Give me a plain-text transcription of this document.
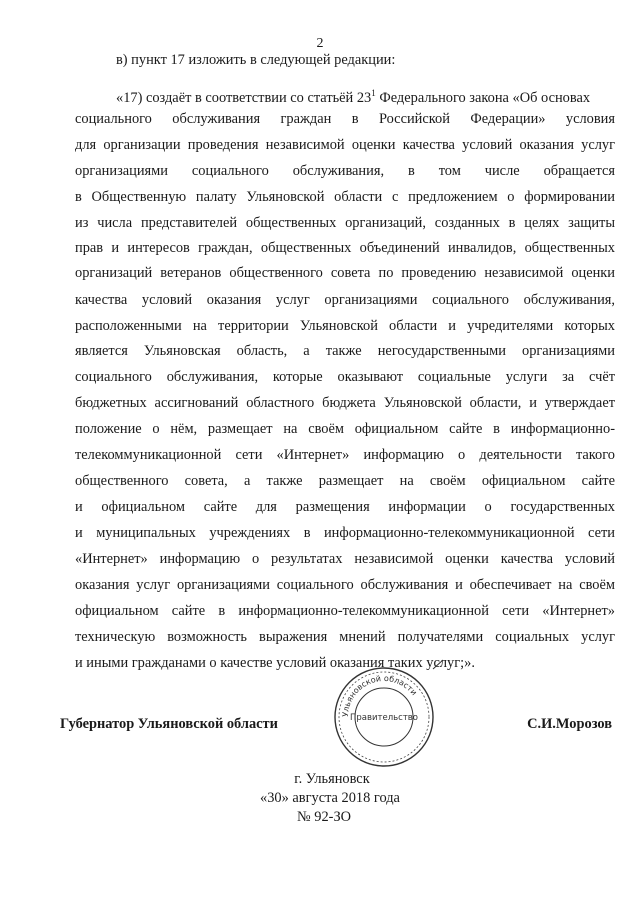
2
в) пункт 17 изложить в следующей редакции:
«17) создаёт в соответствии со статьёй $23^1$ Федерального закона «Об основах
социального обслуживания граждан в Российской Федерации» условия
для организации проведения независимой оценки качества условий оказания услуг
организациями социального обслуживания, в том числе обращается
в Общественную палату Ульяновской области с предложением о формировании
из числа представителей общественных организаций, созданных в целях защиты
прав и интересов граждан, общественных объединений инвалидов, общественных
организаций ветеранов общественного совета по проведению независимой оценки
качества условий оказания услуг организациями социального обслуживания,
расположенными на территории Ульяновской области и учредителями которых
является Ульяновская область, а также негосударственными организациями
социального обслуживания, которые оказывают социальные услуги за счёт
бюджетных ассигнований областного бюджета Ульяновской области, и утверждает
положение о нём, размещает на своём официальном сайте в информационно-
телекоммуникационной сети «Интернет» информацию о деятельности такого
общественного совета, а также размещает на своём официальном сайте
и официальном сайте для размещения информации о государственных
и муниципальных учреждениях в информационно-телекоммуникационной сети
«Интернет» информацию о результатах независимой оценки качества условий
оказания услуг организациями социального обслуживания и обеспечивает на своём
официальном сайте в информационно-телекоммуникационной сети «Интернет»
техническую возможность выражения мнений получателями социальных услуг
и иными гражданами о качестве условий оказания таких услуг;».
Ульяновской области
Правительство
Губернатор Ульяновской области	С.И.Морозов
г. Ульяновск
«30» августа 2018 года
№ 92-ЗО
